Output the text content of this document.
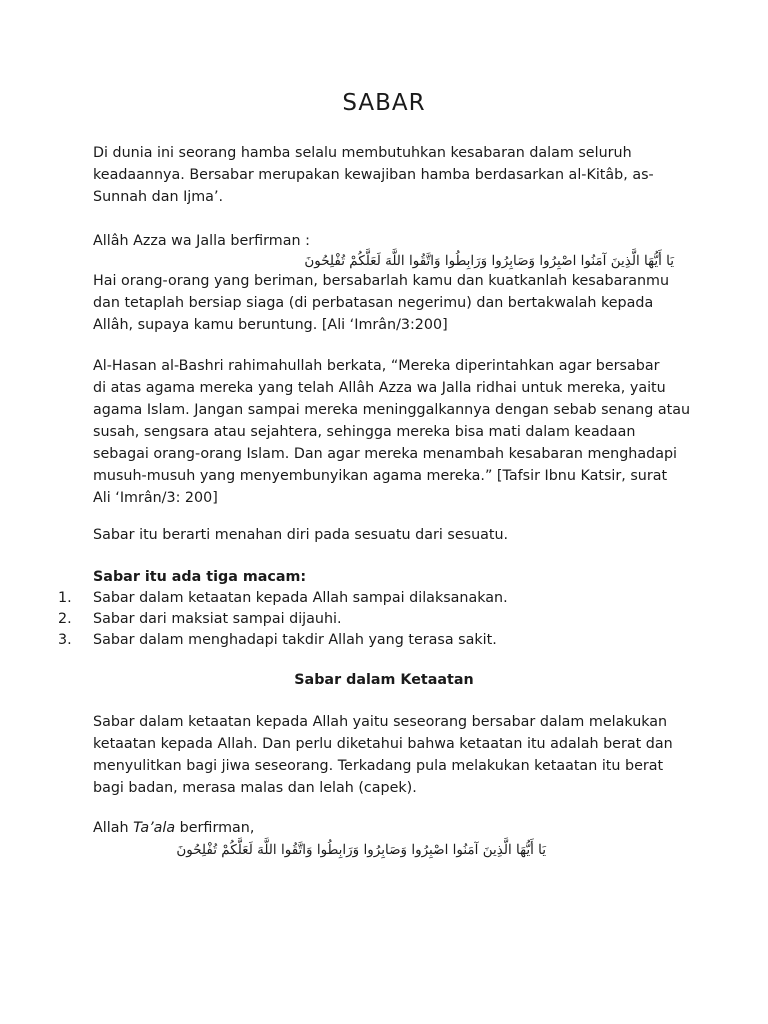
SABAR
Di dunia ini seorang hamba selalu membutuhkan kesabaran dalam seluruh
keadaannya. Bersabar merupakan kewajiban hamba berdasarkan al-Kitâb, as-
Sunnah dan Ijma’.
Allâh Azza wa Jalla berfirman :
يَا أَيُّهَا الَّذِينَ آمَنُوا اصْبِرُوا وَصَابِرُوا وَرَابِطُوا وَاتَّقُوا اللَّهَ لَعَلَّكُمْ تُفْلِحُونَ
Hai orang-orang yang beriman, bersabarlah kamu dan kuatkanlah kesabaranmu
dan tetaplah bersiap siaga (di perbatasan negerimu) dan bertakwalah kepada
Allâh, supaya kamu beruntung. [Ali ‘Imrân/3:200]
Al-Hasan al-Bashri rahimahullah berkata, “Mereka diperintahkan agar bersabar
di atas agama mereka yang telah Allâh Azza wa Jalla ridhai untuk mereka, yaitu
agama Islam. Jangan sampai mereka meninggalkannya dengan sebab senang atau
susah, sengsara atau sejahtera, sehingga mereka bisa mati dalam keadaan
sebagai orang-orang Islam. Dan agar mereka menambah kesabaran menghadapi
musuh-musuh yang menyembunyikan agama mereka.” [Tafsir Ibnu Katsir, surat
Ali ‘Imrân/3: 200]
Sabar itu berarti menahan diri pada sesuatu dari sesuatu.
Sabar itu ada tiga macam:
1. Sabar dalam ketaatan kepada Allah sampai dilaksanakan.
2. Sabar dari maksiat sampai dijauhi.
3. Sabar dalam menghadapi takdir Allah yang terasa sakit.
Sabar dalam Ketaatan
Sabar dalam ketaatan kepada Allah yaitu seseorang bersabar dalam melakukan
ketaatan kepada Allah. Dan perlu diketahui bahwa ketaatan itu adalah berat dan
menyulitkan bagi jiwa seseorang. Terkadang pula melakukan ketaatan itu berat
bagi badan, merasa malas dan lelah (capek).
Allah Ta’ala berfirman,
يَا أَيُّهَا الَّذِينَ آمَنُوا اصْبِرُوا وَصَابِرُوا وَرَابِطُوا وَاتَّقُوا اللَّهَ لَعَلَّكُمْ تُفْلِحُونَ
